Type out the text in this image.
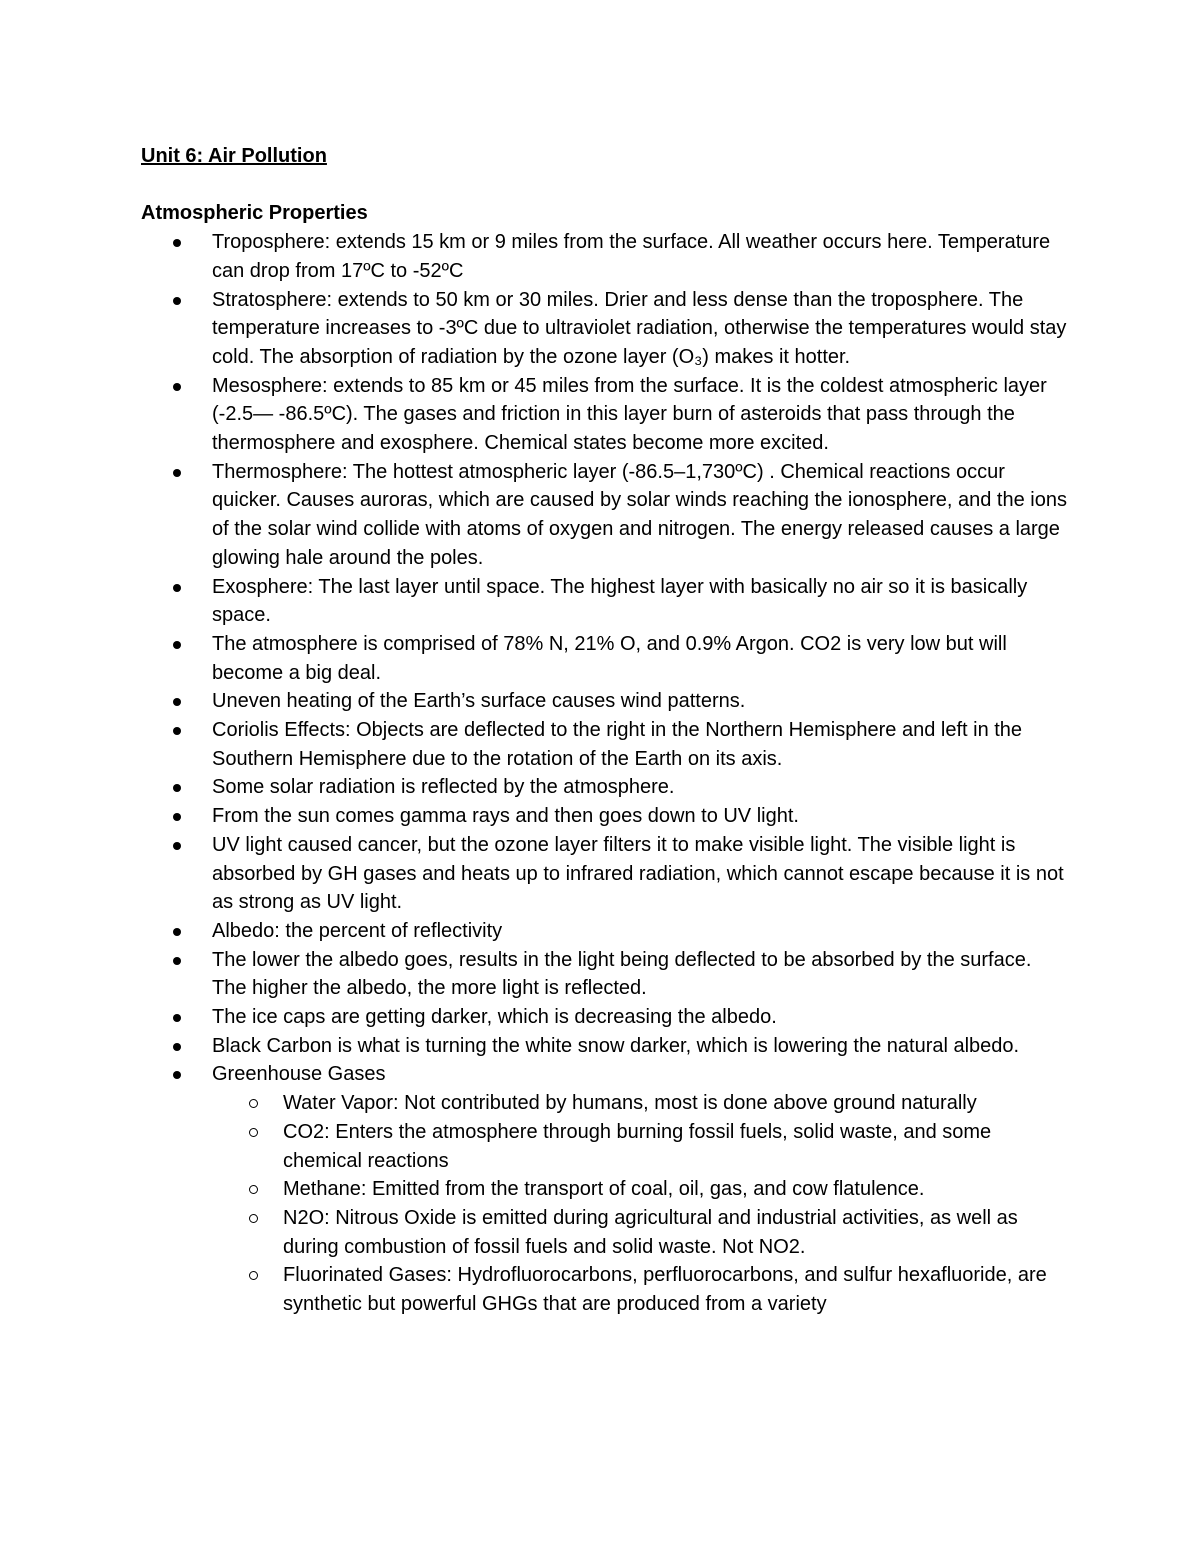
Unit 6: Air Pollution
Atmospheric Properties
Troposphere: extends 15 km or 9 miles from the surface. All weather occurs here. Temperature can drop from 17ºC to -52ºC
Stratosphere: extends to 50 km or 30 miles. Drier and less dense than the troposphere. The temperature increases to -3ºC due to ultraviolet radiation, otherwise the temperatures would stay cold. The absorption of radiation by the ozone layer (O₃) makes it hotter.
Mesosphere: extends to 85 km or 45 miles from the surface. It is the coldest atmospheric layer (-2.5— -86.5ºC). The gases and friction in this layer burn of asteroids that pass through the thermosphere and exosphere. Chemical states become more excited.
Thermosphere: The hottest atmospheric layer (-86.5–1,730ºC) . Chemical reactions occur quicker. Causes auroras, which are caused by solar winds reaching the ionosphere, and the ions of the solar wind collide with atoms of oxygen and nitrogen. The energy released causes a large glowing hale around the poles.
Exosphere: The last layer until space. The highest layer with basically no air so it is basically space.
The atmosphere is comprised of 78% N, 21% O, and 0.9% Argon. CO2 is very low but will become a big deal.
Uneven heating of the Earth’s surface causes wind patterns.
Coriolis Effects: Objects are deflected to the right in the Northern Hemisphere and left in the Southern Hemisphere due to the rotation of the Earth on its axis.
Some solar radiation is reflected by the atmosphere.
From the sun comes gamma rays and then goes down to UV light.
UV light caused cancer, but the ozone layer filters it to make visible light. The visible light is absorbed by GH gases and heats up to infrared radiation, which cannot escape because it is not as strong as UV light.
Albedo: the percent of reflectivity
The lower the albedo goes, results in the light being deflected to be absorbed by the surface. The higher the albedo, the more light is reflected.
The ice caps are getting darker, which is decreasing the albedo.
Black Carbon is what is turning the white snow darker, which is lowering the natural albedo.
Greenhouse Gases
Water Vapor: Not contributed by humans, most is done above ground naturally
CO2: Enters the atmosphere through burning fossil fuels, solid waste, and some chemical reactions
Methane: Emitted from the transport of coal, oil, gas, and cow flatulence.
N2O: Nitrous Oxide is emitted during agricultural and industrial activities, as well as during combustion of fossil fuels and solid waste. Not NO2.
Fluorinated Gases: Hydrofluorocarbons, perfluorocarbons, and sulfur hexafluoride, are synthetic but powerful GHGs that are produced from a variety
